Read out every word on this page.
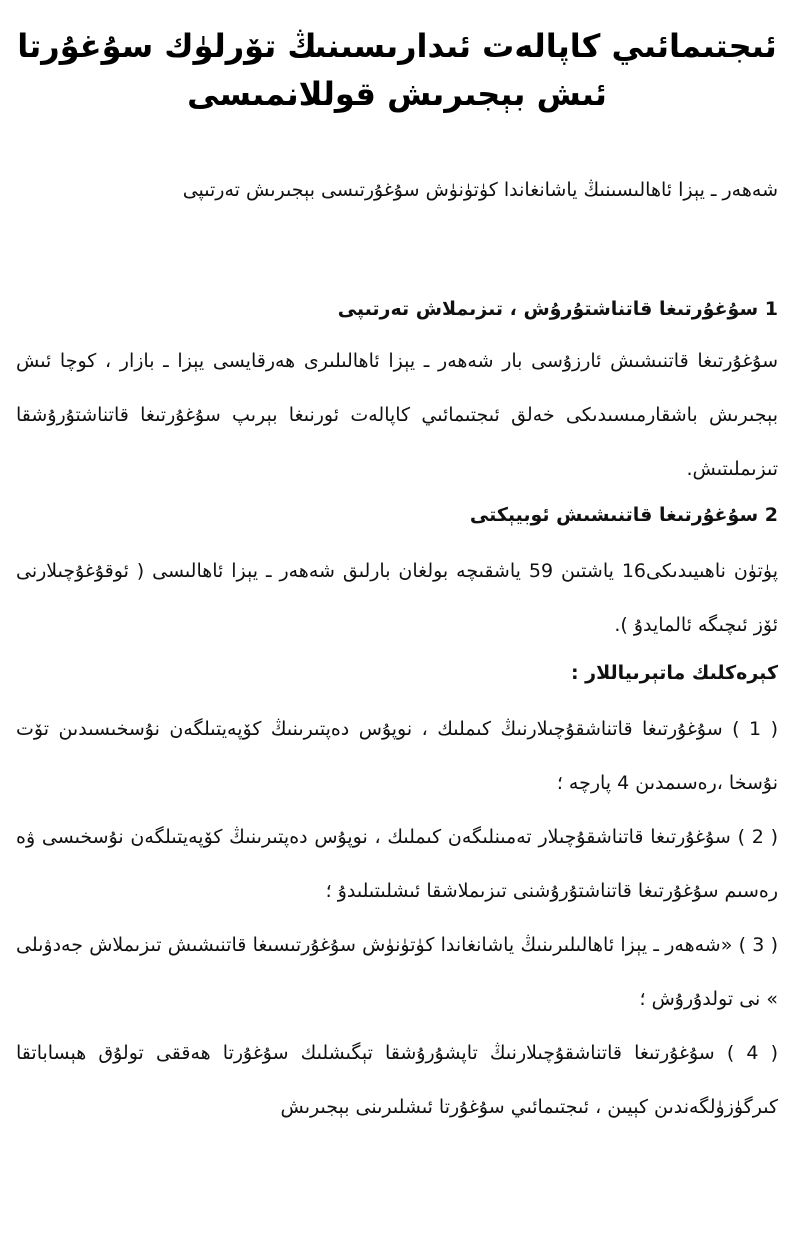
ئىجتىمائىي كاپالەت ئىدارىسىنىڭ تۆرلۈك سۇغۇرتا ئىش بېجىرىش قوللانمىسى

شەھەر ـ يېزا ئاھالىسىنىڭ ياشانغاندا كۈتۈنۈش سۇغۇرتىسى بېجىرىش تەرتىپى

1 سۇغۇرتىغا قاتناشتۇرۇش ، تىزىملاش تەرتىپى

سۇغۇرتىغا قاتنىشىش ئارزۇسى بار شەھەر ـ يېزا ئاھالىلىرى ھەرقايسى يېزا ـ بازار ، كوچا ئىش بېجىرىش باشقارمىسىدىكى خەلق ئىجتىمائىي كاپالەت ئورنىغا بېرىپ سۇغۇرتىغا قاتناشتۇرۇشقا تىزىملىتىش.

2 سۇغۇرتىغا قاتنىشىش ئوبيېكتى

پۈتۈن ناھىيىدىكى16 ياشتىن 59 ياشقىچە بولغان بارلىق شەھەر ـ يېزا ئاھالىسى ( ئوقۇغۇچىلارنى ئۆز ئىچىگە ئالمايدۇ ).

كېرەكلىك ماتېرىياللار :

( 1 ) سۇغۇرتىغا قاتناشقۇچىلارنىڭ كىملىك ، نوپۇس دەپتىرىنىڭ كۆپەيتىلگەن نۇسخىسىدىن تۆت نۇسخا ،رەسىمدىن 4 پارچە ؛

( 2 ) سۇغۇرتىغا قاتناشقۇچىلار تەمىنلىگەن كىملىك ، نوپۇس دەپتىرىنىڭ كۆپەيتىلگەن نۇسخىسى ۋە رەسىم سۇغۇرتىغا قاتناشتۇرۇشنى تىزىملاشقا ئىشلىتىلىدۇ ؛

( 3 ) «شەھەر ـ يېزا ئاھالىلىرىنىڭ ياشانغاندا كۈتۈنۈش سۇغۇرتىسىغا قاتنىشىش تىزىملاش جەدۋىلى » نى تولدۇرۇش ؛

( 4 ) سۇغۇرتىغا قاتناشقۇچىلارنىڭ تاپشۇرۇشقا تېگىشلىك سۇغۇرتا ھەققى تولۇق ھېساباتقا كىرگۈزۈلگەندىن كېيىن ، ئىجتىمائىي سۇغۇرتا ئىشلىرىنى بېجىرىش
